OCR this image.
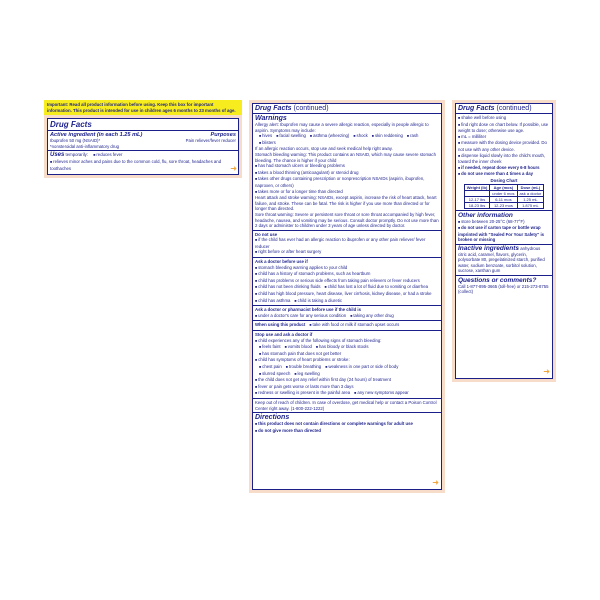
Important: Read all product information before using. Keep this box for important information. This product is intended for use in children ages 6 months to 23 months of age.
Drug Facts
Active ingredient (in each 1.25 mL)	Purposes
Ibuprofen 50 mg (NSAID)*	Pain reliever/fever reducer
*nonsteroidal anti-inflammatory drug
Uses temporarily: ■ reduces fever
■ relieves minor aches and pains due to the common cold, flu, sore throat, headaches and toothaches	➜
Drug Facts (continued)
Warnings
Allergy alert: Ibuprofen may cause a severe allergic reaction, especially in people allergic to aspirin. Symptoms may include:
■ hives	■ facial swelling	■ asthma (wheezing)	■ shock	■ skin reddening	■ rash
■ blisters
If an allergic reaction occurs, stop use and seek medical help right away.
Stomach bleeding warning: This product contains an NSAID, which may cause severe stomach bleeding. The chance is higher if your child
■ has had stomach ulcers or bleeding problems
■ takes a blood thinning (anticoagulant) or steroid drug
■ takes other drugs containing prescription or nonprescription NSAIDs (aspirin, ibuprofen, naproxen, or others)
■ takes more or for a longer time than directed
Heart attack and stroke warning: NSAIDs, except aspirin, increase the risk of heart attack, heart failure, and stroke. These can be fatal. The risk is higher if you use more than directed or for longer than directed.
Sore throat warning: Severe or persistent sore throat or sore throat accompanied by high fever, headache, nausea, and vomiting may be serious. Consult doctor promptly. Do not use more than 2 days or administer to children under 3 years of age unless directed by doctor.
Do not use
■ if the child has ever had an allergic reaction to ibuprofen or any other pain reliever/ fever reducer
■ right before or after heart surgery
Ask a doctor before use if
■ stomach bleeding warning applies to your child
■ child has a history of stomach problems, such as heartburn
■ child has problems or serious side effects from taking pain relievers or fever reducers
■ child has not been drinking fluids	■ child has lost a lot of fluid due to vomiting or diarrhea
■ child has high blood pressure, heart disease, liver cirrhosis, kidney disease, or had a stroke
■ child has asthma	■ child is taking a diuretic
Ask a doctor or pharmacist before use if the child is
■ under a doctor's care for any serious condition	■ taking any other drug
When using this product	■ take with food or milk if stomach upset occurs
Stop use and ask a doctor if
■ child experiences any of the following signs of stomach bleeding:
■ feels faint	■ vomits blood	■ has bloody or black stools
■ has stomach pain that does not get better
■ child has symptoms of heart problems or stroke:
■ chest pain	■ trouble breathing	■ weakness in one part or side of body
■ slurred speech	■ leg swelling
■ the child does not get any relief within first day (24 hours) of treatment
■ fever or pain gets worse or lasts more than 3 days
■ redness or swelling is present in the painful area	■ any new symptoms appear
Keep out of reach of children. In case of overdose, get medical help or contact a Poison Control Center right away. (1-800-222-1222)
Directions
■ this product does not contain directions or complete warnings for adult use
■ do not give more than directed
➜
Drug Facts (continued)
■ shake well before using
■ find right dose on chart below. If possible, use weight to dose; otherwise use age.
■ mL = milliliter
■ measure with the dosing device provided. Do not use with any other device.
■ dispense liquid slowly into the child's mouth, toward the inner cheek
■ if needed, repeat dose every 6-8 hours
■ do not use more than 4 times a day
Dosing Chart
Weight (lb)	Age (mos)	Dose (mL)
	under 6 mos	ask a doctor
12-17 lbs	6-11 mos	1.25 mL
18-23 lbs	12-23 mos	1.875 mL
Other information
■ store between 20-25°C (68-77°F)
■ do not use if carton tape or bottle wrap imprinted with "Sealed For Your Safety" is broken or missing
Inactive ingredients anhydrous citric acid, caramel, flavors, glycerin, polysorbate 80, pregelatinized starch, purified water, sodium benzoate, sorbitol solution, sucrose, xanthan gum
Questions or comments?
Call 1-877-895-3665 (toll-free) or 215-273-8755 (collect)
➜
